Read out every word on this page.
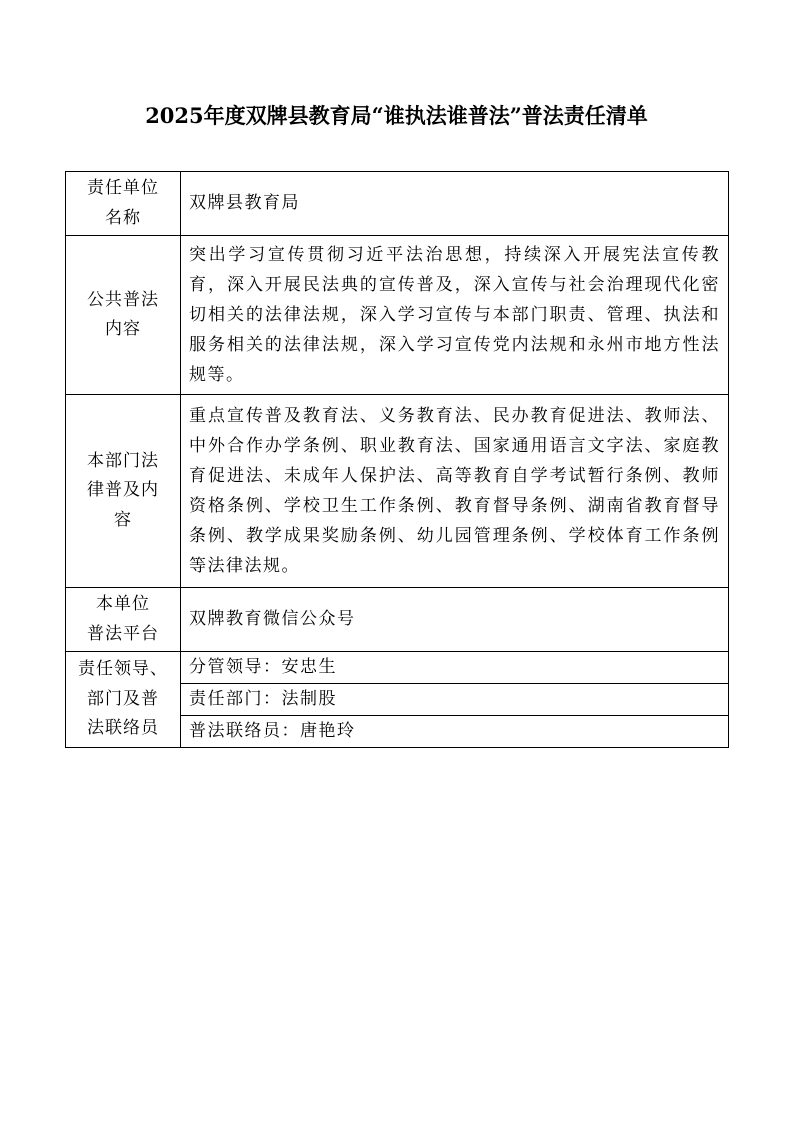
2025年度双牌县教育局“谁执法谁普法”普法责任清单
责任单位
名称	双牌县教育局

公共普法
内容	突出学习宣传贯彻习近平法治思想，持续深入开展宪法宣传教育，深入开展民法典的宣传普及，深入宣传与社会治理现代化密切相关的法律法规，深入学习宣传与本部门职责、管理、执法和服务相关的法律法规，深入学习宣传党内法规和永州市地方性法规等。

本部门法
律普及内
容	重点宣传普及教育法、义务教育法、民办教育促进法、教师法、中外合作办学条例、职业教育法、国家通用语言文字法、家庭教育促进法、未成年人保护法、高等教育自学考试暂行条例、教师资格条例、学校卫生工作条例、教育督导条例、湖南省教育督导条例、教学成果奖励条例、幼儿园管理条例、学校体育工作条例等法律法规。

本单位
普法平台	双牌教育微信公众号

责任领导、
部门及普
法联络员	分管领导：安忠生
	责任部门：法制股
	普法联络员：唐艳玲
